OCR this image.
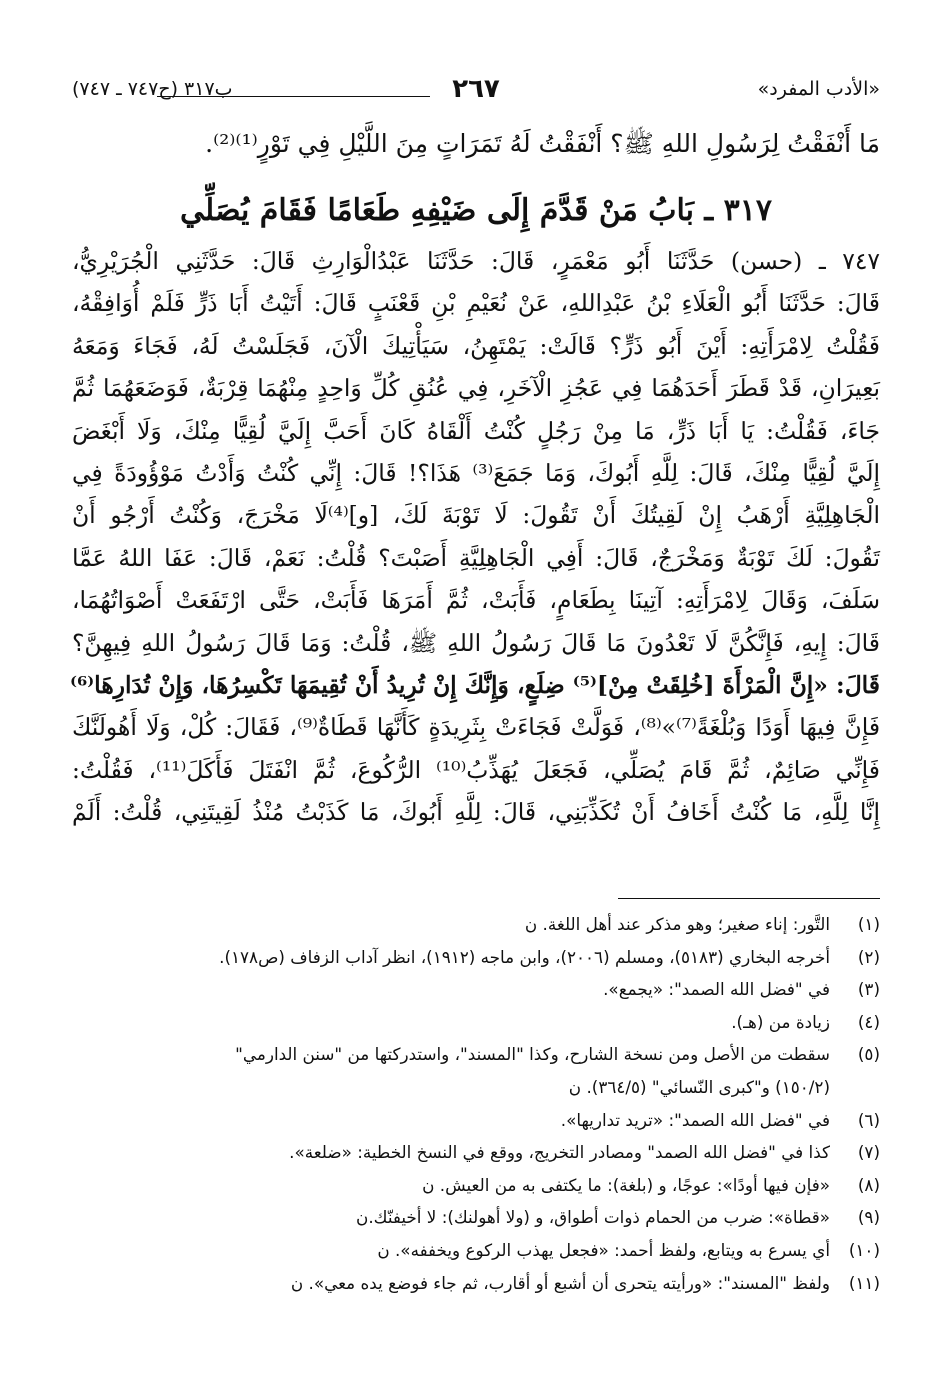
«الأدب المفرد»
٢٦٧
ب٣١٧ (ح٧٤٧ ـ ٧٤٧)
مَا أَنْفَقْتُ لِرَسُولِ اللهِ ﷺ؟ أَنْفَقْتُ لَهُ تَمَرَاتٍ مِنَ اللَّيْلِ فِي تَوْرٍ⁽¹⁾⁽²⁾.
٣١٧ ـ بَابُ مَنْ قَدَّمَ إِلَى ضَيْفِهِ طَعَامًا فَقَامَ يُصَلِّي
٧٤٧ ـ (حسن) حَدَّثَنَا أَبُو مَعْمَرٍ، قَالَ: حَدَّثَنَا عَبْدُالْوَارِثِ قَالَ: حَدَّثَنِي الْجُرَيْرِيُّ،
قَالَ: حَدَّثَنَا أَبُو الْعَلَاءِ بْنُ عَبْدِاللهِ، عَنْ نُعَيْمِ بْنِ قَعْنَبٍ قَالَ: أَتَيْتُ أَبَا ذَرٍّ فَلَمْ أُوَافِقْهُ،
فَقُلْتُ لِامْرَأَتِهِ: أَيْنَ أَبُو ذَرٍّ؟ قَالَتْ: يَمْتَهِنُ، سَيَأْتِيكَ الْآنَ، فَجَلَسْتُ لَهُ، فَجَاءَ وَمَعَهُ
بَعِيرَانِ، قَدْ قَطَرَ أَحَدَهُمَا فِي عَجُزِ الْآخَرِ، فِي عُنُقِ كُلِّ وَاحِدٍ مِنْهُمَا قِرْبَةٌ، فَوَضَعَهُمَا ثُمَّ
جَاءَ، فَقُلْتُ: يَا أَبَا ذَرٍّ، مَا مِنْ رَجُلٍ كُنْتُ أَلْقَاهُ كَانَ أَحَبَّ إِلَيَّ لُقِيًّا مِنْكَ، وَلَا أَبْغَضَ
إِلَيَّ لُقِيًّا مِنْكَ، قَالَ: لِلَّهِ أَبُوكَ، وَمَا جَمَعَ⁽³⁾ هَذَا؟! قَالَ: إِنِّي كُنْتُ وَأَدْتُ مَوْؤُودَةً فِي
الْجَاهِلِيَّةِ أَرْهَبُ إِنْ لَقِيتُكَ أَنْ تَقُولَ: لَا تَوْبَةَ لَكَ، [و]⁽⁴⁾لَا مَخْرَجَ، وَكُنْتُ أَرْجُو أَنْ
تَقُولَ: لَكَ تَوْبَةٌ وَمَخْرَجٌ، قَالَ: أَفِي الْجَاهِلِيَّةِ أَصَبْتَ؟ قُلْتُ: نَعَمْ، قَالَ: عَفَا اللهُ عَمَّا
سَلَفَ، وَقَالَ لِامْرَأَتِهِ: آتِينَا بِطَعَامٍ، فَأَبَتْ، ثُمَّ أَمَرَهَا فَأَبَتْ، حَتَّى ارْتَفَعَتْ أَصْوَاتُهُمَا،
قَالَ: إِيهِ، فَإِنَّكُنَّ لَا تَعْدُونَ مَا قَالَ رَسُولُ اللهِ ﷺ، قُلْتُ: وَمَا قَالَ رَسُولُ اللهِ فِيهِنَّ؟
قَالَ: «إِنَّ الْمَرْأَةَ [خُلِقَتْ مِنْ]⁽⁵⁾ ضِلَعٍ، وَإِنَّكَ إِنْ تُرِيدُ أَنْ تُقِيمَهَا تَكْسِرُهَا، وَإِنْ تُدَارِهَا⁽⁶⁾
فَإِنَّ فِيهَا أَوَدًا وَبُلْغَةً⁽⁷⁾»⁽⁸⁾، فَوَلَّتْ فَجَاءَتْ بِثَرِيدَةٍ كَأَنَّهَا قَطَاةٌ⁽⁹⁾، فَقَالَ: كُلْ، وَلَا أَهُولَنَّكَ
فَإِنِّي صَائِمٌ، ثُمَّ قَامَ يُصَلِّي، فَجَعَلَ يُهَذِّبُ⁽¹⁰⁾ الرُّكُوعَ، ثُمَّ انْفَتَلَ فَأَكَلَ⁽¹¹⁾، فَقُلْتُ:
إِنَّا لِلَّهِ، مَا كُنْتُ أَخَافُ أَنْ تُكَذِّبَنِي، قَالَ: لِلَّهِ أَبُوكَ، مَا كَذَبْتُ مُنْذُ لَقِيتَنِي، قُلْتُ: أَلَمْ
(١)التَّور: إناء صغير؛ وهو مذكر عند أهل اللغة. ن
(٢)أخرجه البخاري (٥١٨٣)، ومسلم (٢٠٠٦)، وابن ماجه (١٩١٢)، انظر آداب الزفاف (ص١٧٨).
(٣)في "فضل الله الصمد": «يجمع».
(٤)زيادة من (هـ).
(٥)سقطت من الأصل ومن نسخة الشارح، وكذا "المسند"، واستدركتها من "سنن الدارمي"
(١٥٠/٢) و"كبرى النّسائي" (٣٦٤/٥). ن
(٦)في "فضل الله الصمد": «تريد تداريها».
(٧)كذا في "فضل الله الصمد" ومصادر التخريج، ووقع في النسخ الخطية: «ضلعة».
(٨)«فإن فيها أودًا»: عوجًا، و (بلغة): ما يكتفى به من العيش. ن
(٩)«قطاة»: ضرب من الحمام ذوات أطواق، و (ولا أهولنك): لا أخيفنّك.ن
(١٠)أي يسرع به ويتابع، ولفظ أحمد: «فجعل يهذب الركوع ويخففه». ن
(١١)ولفظ "المسند": «ورأيته يتحرى أن أشبع أو أقارب، ثم جاء فوضع يده معي». ن
